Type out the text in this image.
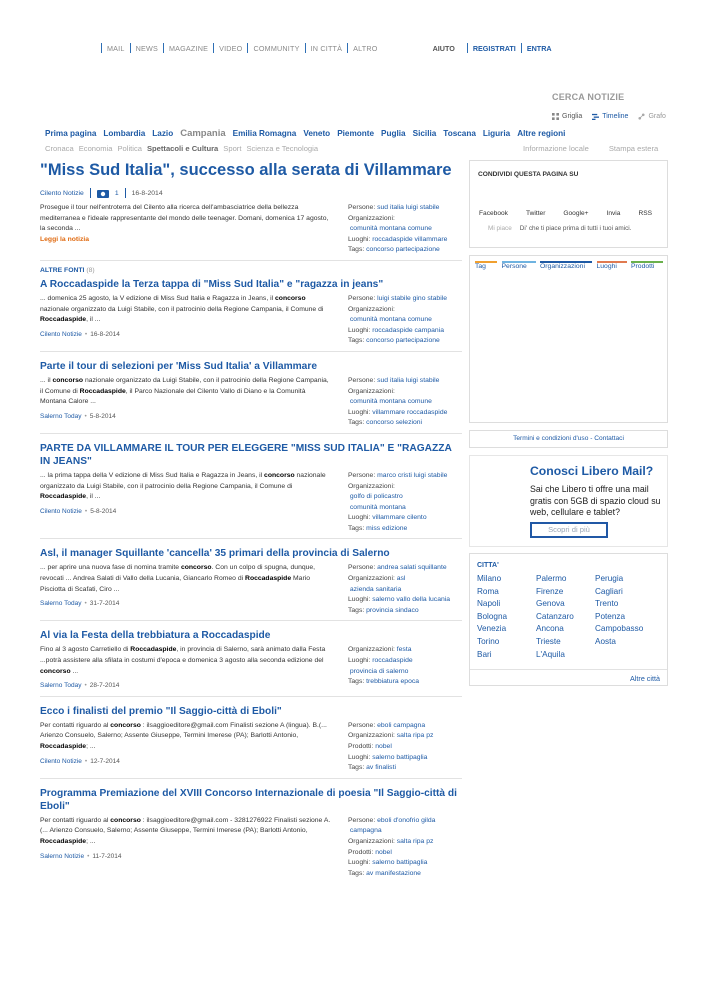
MAIL NEWS MAGAZINE VIDEO COMMUNITY IN CITTÀ ALTRO	AIUTO	REGISTRATI ENTRA
CERCA NOTIZIE
Griglia	Timeline	Grafo
Prima pagina Lombardia Lazio Campania Emilia Romagna Veneto Piemonte Puglia Sicilia Toscana Liguria Altre regioni
Cronaca Economia Politica Spettacoli e Cultura Sport Scienza e Tecnologia	Informazione locale	Stampa estera
"Miss Sud Italia", successo alla serata di Villammare
Cilento Notizie	1 16-8-2014
Prosegue il tour nell'entroterra del Cilento alla ricerca dell'ambasciatrice della bellezza mediterranea e l'ideale rappresentante del mondo delle teenager. Domani, domenica 17 agosto, la seconda ...
Leggi la notizia
Persone: sud italia luigi stabile
Organizzazioni:
comunità montana comune
Luoghi: roccadaspide villammare
Tags: concorso partecipazione
ALTRE FONTI (8)
A Roccadaspide la Terza tappa di "Miss Sud Italia" e "ragazza in jeans"
... domenica 25 agosto, la V edizione di Miss Sud Italia e Ragazza in Jeans, il concorso nazionale organizzato da Luigi Stabile, con il patrocinio della Regione Campania, il Comune di Roccadaspide, il ...
Cilento Notizie • 16-8-2014
Persone: luigi stabile gino stabile
Organizzazioni:
comunità montana comune
Luoghi: roccadaspide campania
Tags: concorso partecipazione
Parte il tour di selezioni per 'Miss Sud Italia' a Villammare
... il concorso nazionale organizzato da Luigi Stabile, con il patrocinio della Regione Campania, il Comune di Roccadaspide, il Parco Nazionale del Cilento Vallo di Diano e la Comunità Montana Calore ...
Salerno Today • 5-8-2014
Persone: sud italia luigi stabile
Organizzazioni:
comunità montana comune
Luoghi: villammare roccadaspide
Tags: concorso selezioni
PARTE DA VILLAMMARE IL TOUR PER ELEGGERE "MISS SUD ITALIA" E "RAGAZZA IN JEANS"
... la prima tappa della V edizione di Miss Sud Italia e Ragazza in Jeans, il concorso nazionale organizzato da Luigi Stabile, con il patrocinio della Regione Campania, il Comune di Roccadaspide, il ...
Cilento Notizie • 5-8-2014
Persone: marco cristi luigi stabile
Organizzazioni:
golfo di policastro
comunità montana
Luoghi: villammare cilento
Tags: miss edizione
Asl, il manager Squillante 'cancella' 35 primari della provincia di Salerno
... per aprire una nuova fase di nomina tramite concorso. Con un colpo di spugna, dunque, revocati ... Andrea Salati di Vallo della Lucania, Giancarlo Romeo di Roccadaspide Mario Pisciotta di Scafati, Ciro ...
Salerno Today • 31-7-2014
Persone: andrea salati squillante
Organizzazioni: asl
azienda sanitaria
Luoghi: salerno vallo della lucania
Tags: provincia sindaco
Al via la Festa della trebbiatura a Roccadaspide
Fino al 3 agosto Carretiello di Roccadaspide, in provincia di Salerno, sarà animato dalla Festa ...potrà assistere alla sfilata in costumi d'epoca e domenica 3 agosto alla seconda edizione del concorso ...
Salerno Today • 28-7-2014
Organizzazioni: festa
Luoghi: roccadaspide
provincia di salerno
Tags: trebbiatura epoca
Ecco i finalisti del premio "Il Saggio-città di Eboli"
Per contatti riguardo al concorso : ilsaggioeditore@gmail.com Finalisti sezione A (lingua). B.(... Arienzo Consuelo, Salerno; Assente Giuseppe, Termini Imerese (PA); Barlotti Antonio, Roccadaspide; ...
Cilento Notizie • 12-7-2014
Persone: eboli campagna
Organizzazioni: salta ripa pz
Prodotti: nobel
Luoghi: salerno battipaglia
Tags: av finalisti
Programma Premiazione del XVIII Concorso Internazionale di poesia "Il Saggio-città di Eboli"
Per contatti riguardo al concorso : ilsaggioeditore@gmail.com - 3281276922 Finalisti sezione A.(... Arienzo Consuelo, Salerno; Assente Giuseppe, Termini Imerese (PA); Barlotti Antonio, Roccadaspide; ...
Salerno Notizie • 11-7-2014
Persone: eboli d'onofrio gilda
campagna
Organizzazioni: salta ripa pz
Prodotti: nobel
Luoghi: salerno battipaglia
Tags: av manifestazione
CONDIVIDI QUESTA PAGINA SU
Facebook	Twitter	Google+	Invia	RSS
Mi piace Di' che ti piace prima di tutti i tuoi amici.
Tag	Persone	Organizzazioni	Luoghi	Prodotti
Termini e condizioni d'uso - Contattaci
Conosci Libero Mail?
Sai che Libero ti offre una mail gratis con 5GB di spazio cloud su web, cellulare e tablet?
Scopri di più
CITTA'
Milano	Palermo	Perugia
Roma	Firenze	Cagliari
Napoli	Genova	Trento
Bologna	Catanzaro	Potenza
Venezia	Ancona	Campobasso
Torino	Trieste	Aosta
Bari	L'Aquila
Altre città
